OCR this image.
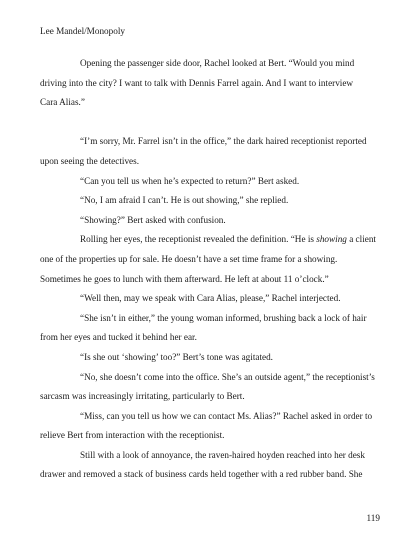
Lee Mandel/Monopoly
Opening the passenger side door, Rachel looked at Bert. “Would you mind
driving into the city? I want to talk with Dennis Farrel again. And I want to interview
Cara Alias.”
“I’m sorry, Mr. Farrel isn’t in the office,” the dark haired receptionist reported
upon seeing the detectives.
“Can you tell us when he’s expected to return?” Bert asked.
“No, I am afraid I can’t. He is out showing,” she replied.
“Showing?” Bert asked with confusion.
Rolling her eyes, the receptionist revealed the definition. “He is showing a client
one of the properties up for sale. He doesn’t have a set time frame for a showing.
Sometimes he goes to lunch with them afterward. He left at about 11 o’clock.”
“Well then, may we speak with Cara Alias, please,” Rachel interjected.
“She isn’t in either,” the young woman informed, brushing back a lock of hair
from her eyes and tucked it behind her ear.
“Is she out ‘showing’ too?” Bert’s tone was agitated.
“No, she doesn’t come into the office. She’s an outside agent,” the receptionist’s
sarcasm was increasingly irritating, particularly to Bert.
“Miss, can you tell us how we can contact Ms. Alias?” Rachel asked in order to
relieve Bert from interaction with the receptionist.
Still with a look of annoyance, the raven-haired hoyden reached into her desk
drawer and removed a stack of business cards held together with a red rubber band. She
119
